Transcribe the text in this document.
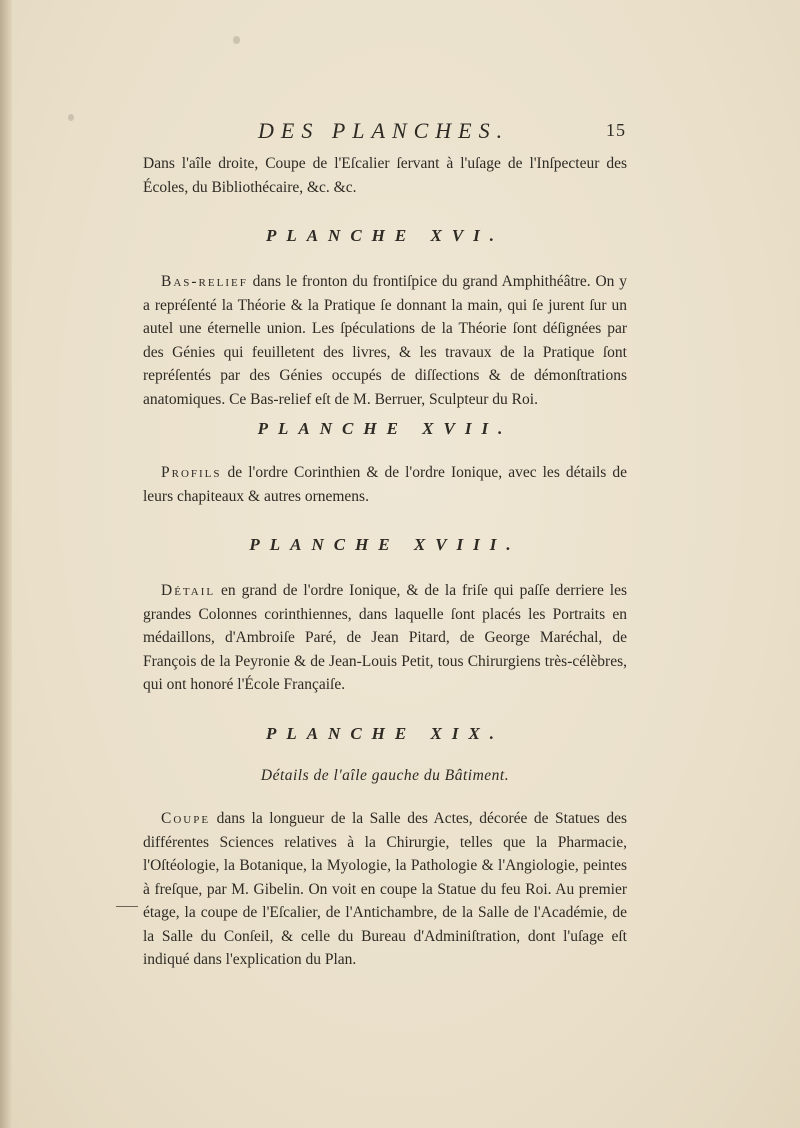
DES PLANCHES.	15

Dans l'aîle droite, Coupe de l'Eſcalier ſervant à l'uſage de l'Inſpecteur des Écoles, du Bibliothécaire, &c. &c.

PLANCHE XVI.

Bas-relief dans le fronton du frontiſpice du grand Amphithéâtre. On y a repréſenté la Théorie & la Pratique ſe donnant la main, qui ſe jurent ſur un autel une éternelle union. Les ſpéculations de la Théorie ſont déſignées par des Génies qui feuilletent des livres, & les travaux de la Pratique ſont repréſentés par des Génies occupés de diſſections & de démonſtrations anatomiques. Ce Bas-relief eſt de M. Berruer, Sculpteur du Roi.

PLANCHE XVII.

Profils de l'ordre Corinthien & de l'ordre Ionique, avec les détails de leurs chapiteaux & autres ornemens.

PLANCHE XVIII.

Détail en grand de l'ordre Ionique, & de la friſe qui paſſe derriere les grandes Colonnes corinthiennes, dans laquelle ſont placés les Portraits en médaillons, d'Ambroiſe Paré, de Jean Pitard, de George Maréchal, de François de la Peyronie & de Jean-Louis Petit, tous Chirurgiens très-célèbres, qui ont honoré l'École Françaiſe.

PLANCHE XIX.

Détails de l'aîle gauche du Bâtiment.

Coupe dans la longueur de la Salle des Actes, décorée de Statues des différentes Sciences relatives à la Chirurgie, telles que la Pharmacie, l'Oſtéologie, la Botanique, la Myologie, la Pathologie & l'Angiologie, peintes à freſque, par M. Gibelin. On voit en coupe la Statue du feu Roi. Au premier étage, la coupe de l'Eſcalier, de l'Antichambre, de la Salle de l'Académie, de la Salle du Conſeil, & celle du Bureau d'Adminiſtration, dont l'uſage eſt indiqué dans l'explication du Plan.
